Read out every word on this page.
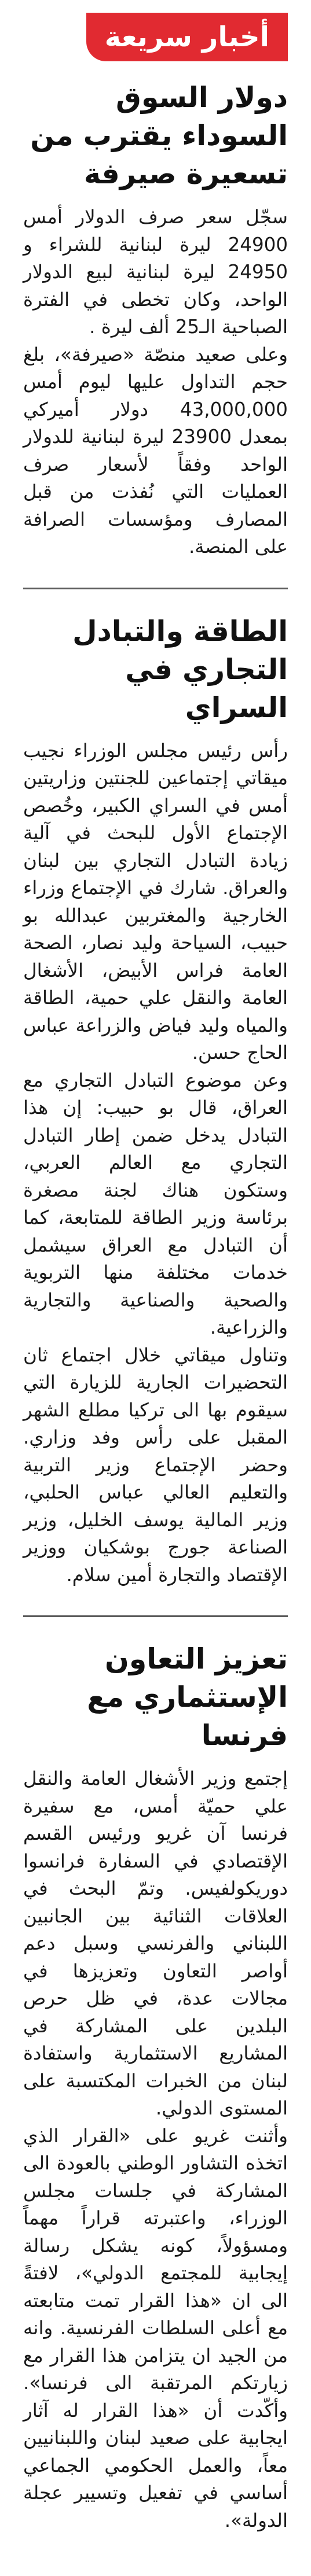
أخبار سريعة
دولار السوق السوداء يقترب من تسعيرة صيرفة

سجّل سعر صرف الدولار أمس 24900 ليرة لبنانية للشراء و 24950 ليرة لبنانية لبيع الدولار الواحد، وكان تخطى في الفترة الصباحية الـ25 ألف ليرة .

وعلى صعيد منصّة «صيرفة»، بلغ حجم التداول عليها ليوم أمس 43,000,000 دولار أميركي بمعدل 23900 ليرة لبنانية للدولار الواحد وفقاً لأسعار صرف العمليات التي نُفذت من قبل المصارف ومؤسسات الصرافة على المنصة.

الطاقة والتبادل التجاري في السراي

رأس رئيس مجلس الوزراء نجيب ميقاتي إجتماعين للجنتين وزاريتين أمس في السراي الكبير، وخُصص الإجتماع الأول للبحث في آلية زيادة التبادل التجاري بين لبنان والعراق. شارك في الإجتماع وزراء الخارجية والمغتربين عبدالله بو حبيب، السياحة وليد نصار، الصحة العامة فراس الأبيض، الأشغال العامة والنقل علي حمية، الطاقة والمياه وليد فياض والزراعة عباس الحاج حسن.

وعن موضوع التبادل التجاري مع العراق، قال بو حبيب: إن هذا التبادل يدخل ضمن إطار التبادل التجاري مع العالم العربي، وستكون هناك لجنة مصغرة برئاسة وزير الطاقة للمتابعة، كما أن التبادل مع العراق سيشمل خدمات مختلفة منها التربوية والصحية والصناعية والتجارية والزراعية.

وتناول ميقاتي خلال اجتماع ثان التحضيرات الجارية للزيارة التي سيقوم بها الى تركيا مطلع الشهر المقبل على رأس وفد وزاري. وحضر الإجتماع وزير التربية والتعليم العالي عباس الحلبي، وزير المالية يوسف الخليل، وزير الصناعة جورج بوشكيان ووزير الإقتصاد والتجارة أمين سلام.

تعزيز التعاون الإستثماري مع فرنسا

إجتمع وزير الأشغال العامة والنقل علي حميّة أمس، مع سفيرة فرنسا آن غريو ورئيس القسم الإقتصادي في السفارة فرانسوا دوريكولفيس. وتمّ البحث في العلاقات الثنائية بين الجانبين اللبناني والفرنسي وسبل دعم أواصر التعاون وتعزيزها في مجالات عدة، في ظل حرص البلدين على المشاركة في المشاريع الاستثمارية واستفادة لبنان من الخبرات المكتسبة على المستوى الدولي.

وأثنت غريو على «القرار الذي اتخذه التشاور الوطني بالعودة الى المشاركة في جلسات مجلس الوزراء، واعتبرته قراراً مهماً ومسؤولاً، كونه يشكل رسالة إيجابية للمجتمع الدولي»، لافتةً الى ان «هذا القرار تمت متابعته مع أعلى السلطات الفرنسية. وانه من الجيد ان يتزامن هذا القرار مع زيارتكم المرتقبة الى فرنسا». وأكّدت أن «هذا القرار له آثار ايجابية على صعيد لبنان واللبنانيين معاً، والعمل الحكومي الجماعي أساسي في تفعيل وتسيير عجلة الدولة».
